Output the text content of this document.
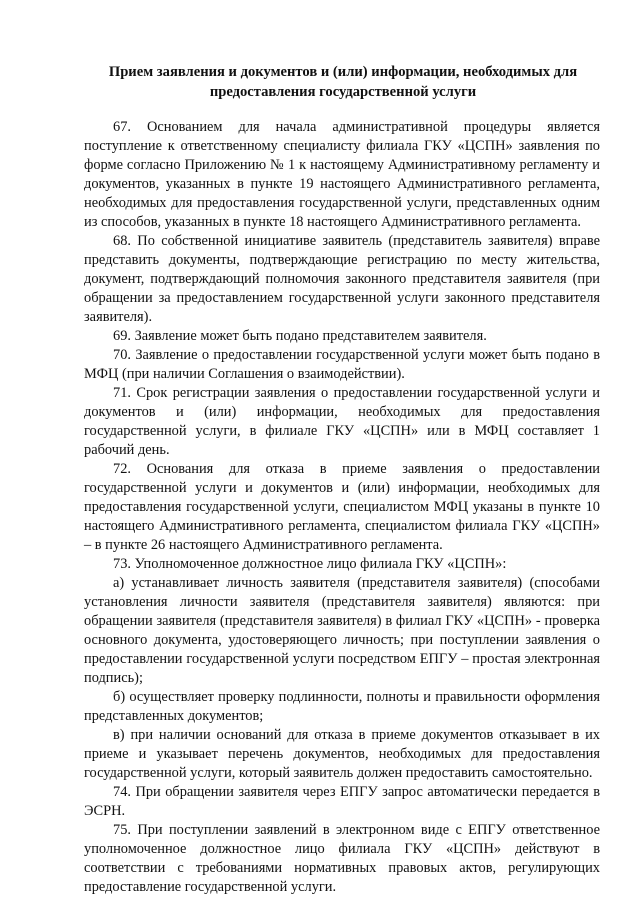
Прием заявления и документов и (или) информации, необходимых для
предоставления государственной услуги

67. Основанием для начала административной процедуры является поступление к ответственному специалисту филиала ГКУ «ЦСПН» заявления по форме согласно Приложению № 1 к настоящему Административному регламенту и документов, указанных в пункте 19 настоящего Административного регламента, необходимых для предоставления государственной услуги, представленных одним из способов, указанных в пункте 18 настоящего Административного регламента.

68. По собственной инициативе заявитель (представитель заявителя) вправе представить документы, подтверждающие регистрацию по месту жительства, документ, подтверждающий полномочия законного представителя заявителя (при обращении за предоставлением государственной услуги законного представителя заявителя).

69. Заявление может быть подано представителем заявителя.

70. Заявление о предоставлении государственной услуги может быть подано в МФЦ (при наличии Соглашения о взаимодействии).

71. Срок регистрации заявления о предоставлении государственной услуги и документов и (или) информации, необходимых для предоставления государственной услуги, в филиале ГКУ «ЦСПН» или в МФЦ составляет 1 рабочий день.

72. Основания для отказа в приеме заявления о предоставлении государственной услуги и документов и (или) информации, необходимых для предоставления государственной услуги, специалистом МФЦ указаны в пункте 10 настоящего Административного регламента, специалистом филиала ГКУ «ЦСПН» – в пункте 26 настоящего Административного регламента.

73. Уполномоченное должностное лицо филиала ГКУ «ЦСПН»:

а) устанавливает личность заявителя (представителя заявителя) (способами установления личности заявителя (представителя заявителя) являются: при обращении заявителя (представителя заявителя) в филиал ГКУ «ЦСПН» - проверка основного документа, удостоверяющего личность; при поступлении заявления о предоставлении государственной услуги посредством ЕПГУ – простая электронная подпись);

б) осуществляет проверку подлинности, полноты и правильности оформления представленных документов;

в) при наличии оснований для отказа в приеме документов отказывает в их приеме и указывает перечень документов, необходимых для предоставления государственной услуги, который заявитель должен предоставить самостоятельно.

74. При обращении заявителя через ЕПГУ запрос автоматически передается в ЭСРН.

75. При поступлении заявлений в электронном виде с ЕПГУ ответственное уполномоченное должностное лицо филиала ГКУ «ЦСПН» действуют в соответствии с требованиями нормативных правовых актов, регулирующих предоставление государственной услуги.
